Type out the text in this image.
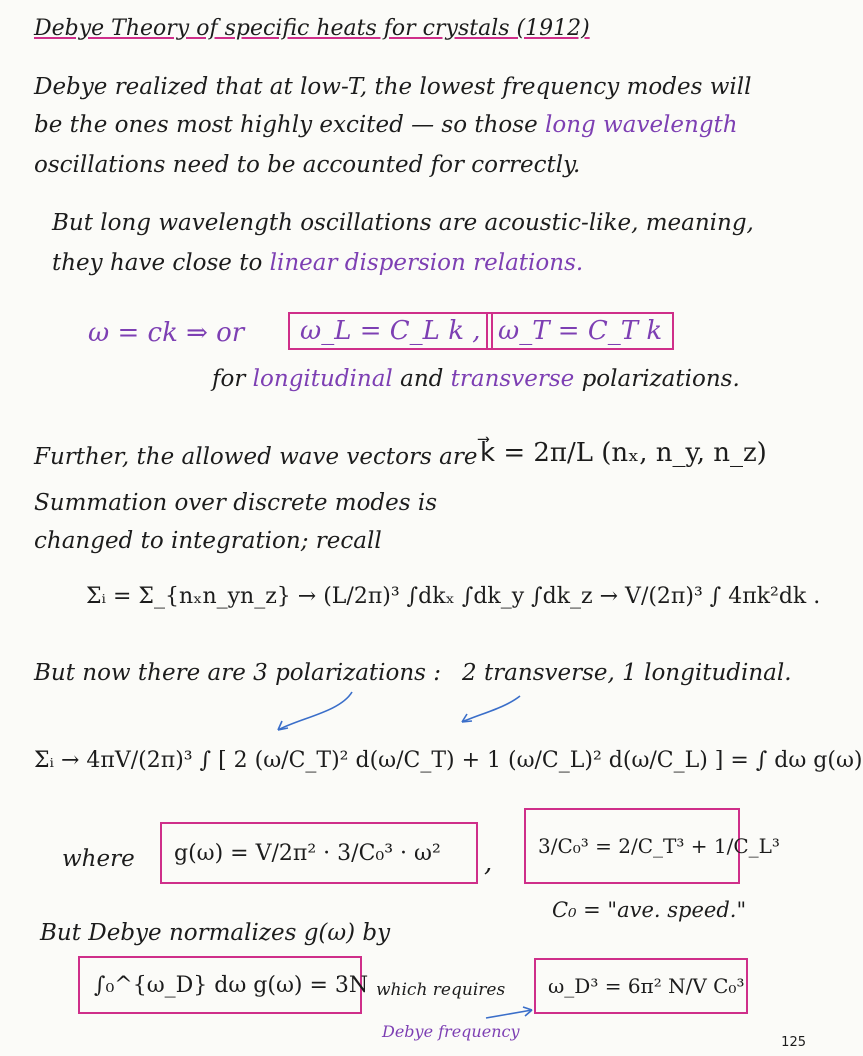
Debye Theory of specific heats for crystals (1912)
Debye realized that at low-T, the lowest frequency modes will
be the ones most highly excited — so those long wavelength
oscillations need to be accounted for correctly.
But long wavelength oscillations are acoustic-like, meaning,
they have close to linear dispersion relations.
ω = ck ⇒ or	ω_L = C_L k , ω_T = C_T k
for longitudinal and transverse polarizations.
Further, the allowed wave vectors are k⃗ = 2π/L (nₓ, n_y, n_z)
Summation over discrete modes is
changed to integration; recall
Σᵢ = Σ_{nₓn_yn_z} → (L/2π)³ ∫dkₓ ∫dk_y ∫dk_z → V/(2π)³ ∫ 4πk²dk .
But now there are 3 polarizations : 2 transverse, 1 longitudinal.
Σᵢ → 4πV/(2π)³ ∫ [ 2 (ω/C_T)² d(ω/C_T) + 1 (ω/C_L)² d(ω/C_L) ] = ∫ dω g(ω)
where	g(ω) = V/2π² · 3/C₀³ · ω²	,
3/C₀³ = 2/C_T³ + 1/C_L³
C₀ = "ave. speed."
But Debye normalizes g(ω) by
∫₀^{ω_D} dω g(ω) = 3N which requires	ω_D³ = 6π² N/V C₀³
Debye frequency
125
